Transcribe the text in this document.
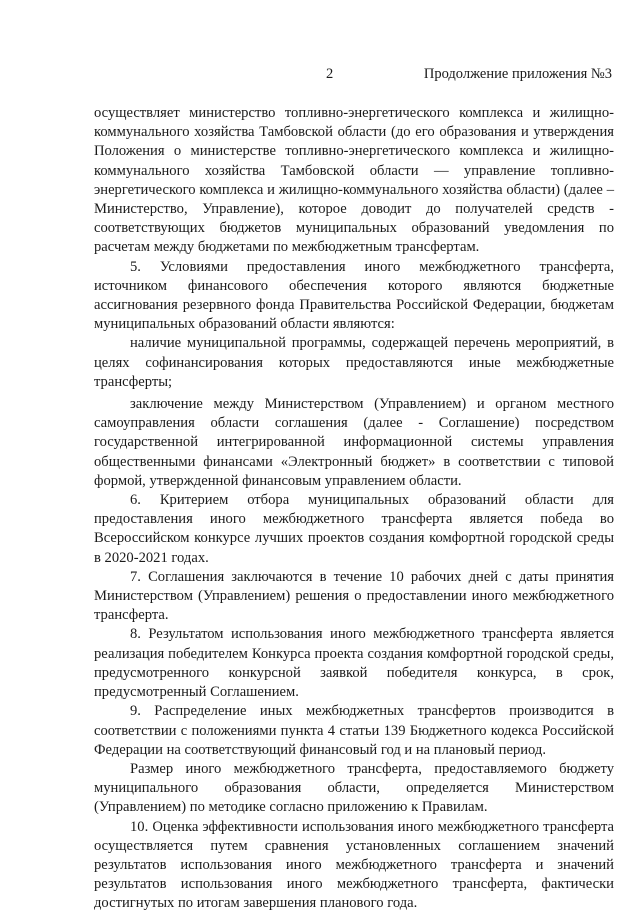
2	Продолжение приложения №3

осуществляет министерство топливно-энергетического комплекса и жилищно-коммунального хозяйства Тамбовской области (до его образования и утверждения Положения о министерстве топливно-энергетического комплекса и жилищно-коммунального хозяйства Тамбовской области — управление топливно-энергетического комплекса и жилищно-коммунального хозяйства области) (далее – Министерство, Управление), которое доводит до получателей средств - соответствующих бюджетов муниципальных образований уведомления по расчетам между бюджетами по межбюджетным трансфертам.

5. Условиями предоставления иного межбюджетного трансферта, источником финансового обеспечения которого являются бюджетные ассигнования резервного фонда Правительства Российской Федерации, бюджетам муниципальных образований области являются:

наличие муниципальной программы, содержащей перечень мероприятий, в целях софинансирования которых предоставляются иные межбюджетные трансферты;

заключение между Министерством (Управлением) и органом местного самоуправления области соглашения (далее - Соглашение) посредством государственной интегрированной информационной системы управления общественными финансами «Электронный бюджет» в соответствии с типовой формой, утвержденной финансовым управлением области.

6. Критерием отбора муниципальных образований области для предоставления иного межбюджетного трансферта является победа во Всероссийском конкурсе лучших проектов создания комфортной городской среды в 2020-2021 годах.

7. Соглашения заключаются в течение 10 рабочих дней с даты принятия Министерством (Управлением) решения о предоставлении иного межбюджетного трансферта.

8. Результатом использования иного межбюджетного трансферта является реализация победителем Конкурса проекта создания комфортной городской среды, предусмотренного конкурсной заявкой победителя конкурса, в срок, предусмотренный Соглашением.

9. Распределение иных межбюджетных трансфертов производится в соответствии с положениями пункта 4 статьи 139 Бюджетного кодекса Российской Федерации на соответствующий финансовый год и на плановый период.

Размер иного межбюджетного трансферта, предоставляемого бюджету муниципального образования области, определяется Министерством (Управлением) по методике согласно приложению к Правилам.

10. Оценка эффективности использования иного межбюджетного трансферта осуществляется путем сравнения установленных соглашением значений результатов использования иного межбюджетного трансферта и значений результатов использования иного межбюджетного трансферта, фактически достигнутых по итогам завершения планового года.
